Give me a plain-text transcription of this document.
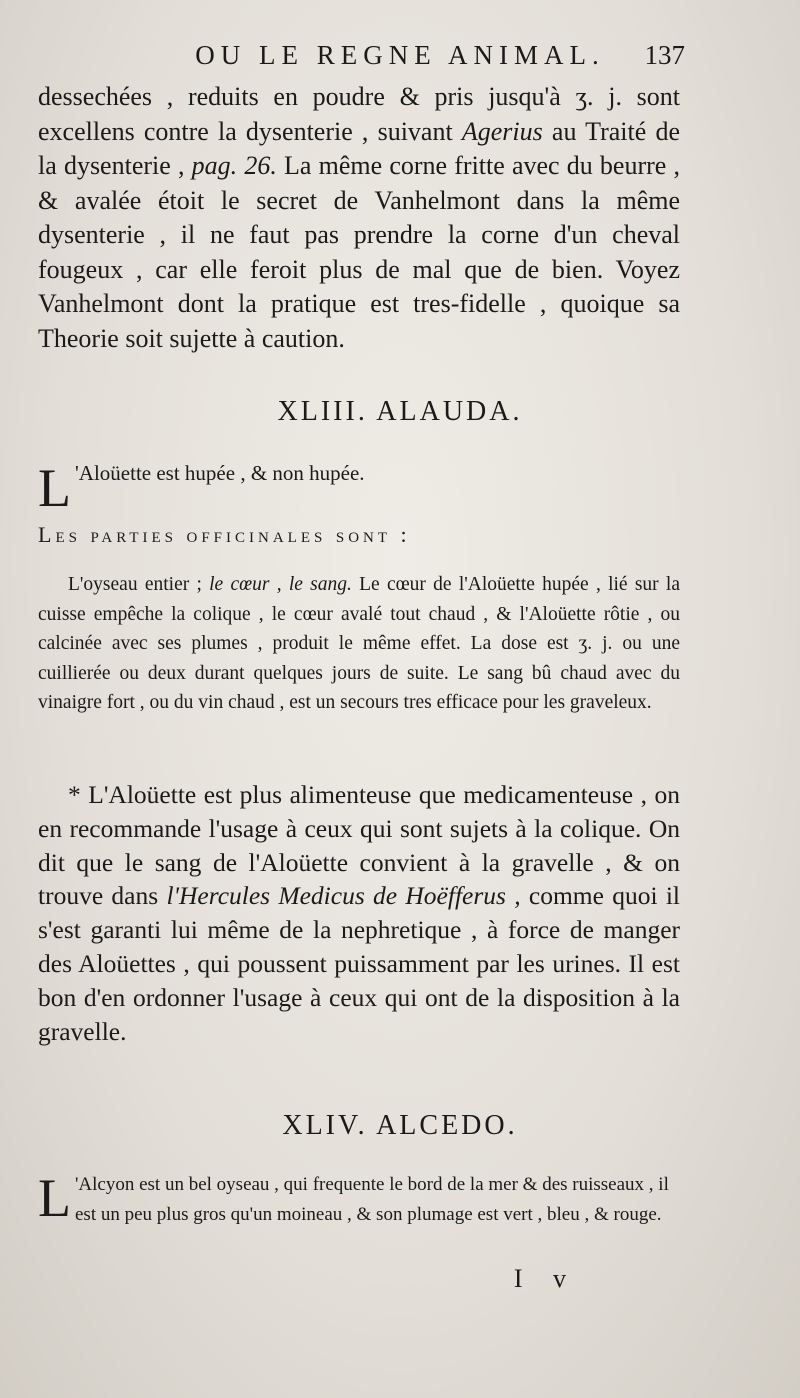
OU LE REGNE ANIMAL.	137

dessechées , reduits en poudre & pris jusqu'à ʒ. j. sont excellens contre la dysenterie , suivant Agerius au Traité de la dysenterie , pag. 26. La même corne fritte avec du beurre , & avalée étoit le secret de Vanhelmont dans la même dysenterie , il ne faut pas prendre la corne d'un cheval fougeux , car elle feroit plus de mal que de bien. Voyez Vanhelmont dont la pratique est tres-fidelle , quoique sa Theorie soit sujette à caution.

XLIII. ALAUDA.
L 'Aloüette est hupée , & non hupée.
Les parties officinales sont :

L'oyseau entier ; le cœur , le sang. Le cœur de l'Aloüette hupée , lié sur la cuisse empêche la colique , le cœur avalé tout chaud , & l'Aloüette rôtie , ou calcinée avec ses plumes , produit le même effet. La dose est ʒ. j. ou une cuillierée ou deux durant quelques jours de suite. Le sang bû chaud avec du vinaigre fort , ou du vin chaud , est un secours tres efficace pour les graveleux.

* L'Aloüette est plus alimenteuse que medicamenteuse , on en recommande l'usage à ceux qui sont sujets à la colique. On dit que le sang de l'Aloüette convient à la gravelle , & on trouve dans l'Hercules Medicus de Hoëfferus , comme quoi il s'est garanti lui même de la nephretique , à force de manger des Aloüettes , qui poussent puissamment par les urines. Il est bon d'en ordonner l'usage à ceux qui ont de la disposition à la gravelle.

XLIV. ALCEDO.
L 'Alcyon est un bel oyseau , qui frequente le bord de la mer & des ruisseaux , il est un peu plus gros qu'un moineau , & son plumage est vert , bleu , & rouge.
I v
